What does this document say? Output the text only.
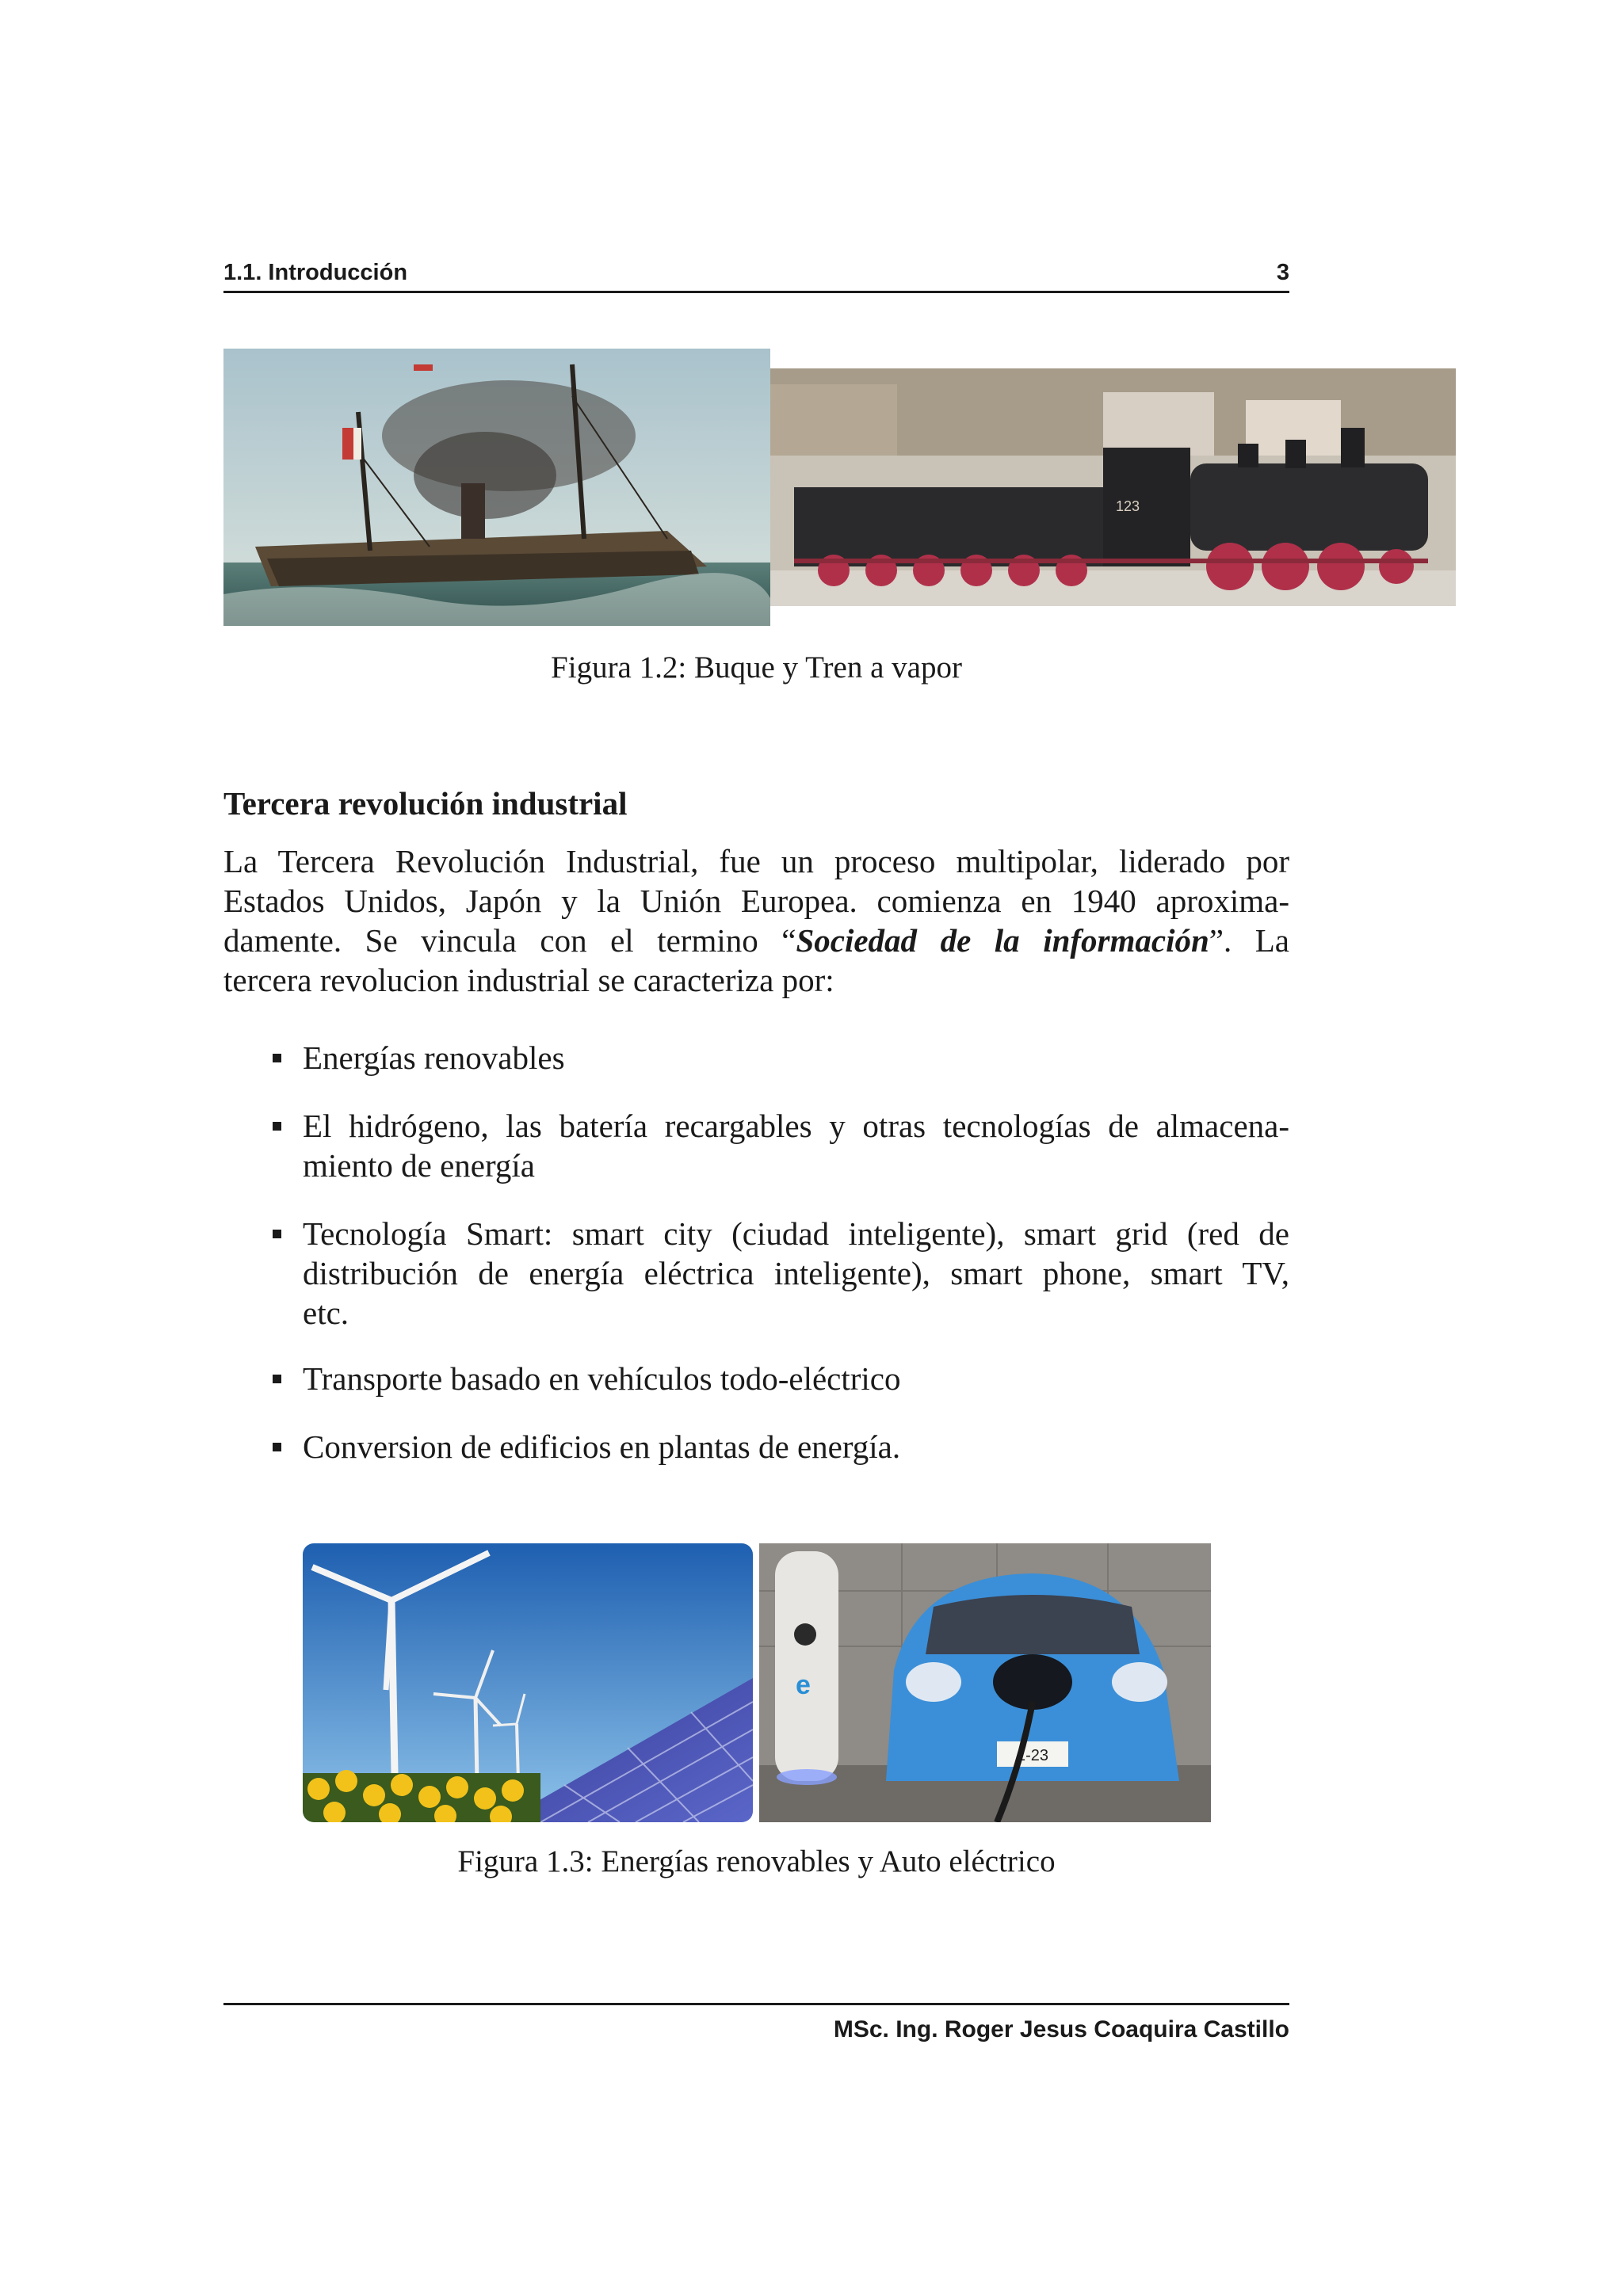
1.1. Introducción	3
123
Figura 1.2: Buque y Tren a vapor
Tercera revolución industrial
La Tercera Revolución Industrial, fue un proceso multipolar, liderado por
Estados Unidos, Japón y la Unión Europea. comienza en 1940 aproxima-
damente. Se vincula con el termino “Sociedad de la información”. La
tercera revolucion industrial se caracteriza por:
Energías renovables
El hidrógeno, las batería recargables y otras tecnologías de almacena-
miento de energía
Tecnología Smart: smart city (ciudad inteligente), smart grid (red de
distribución de energía eléctrica inteligente), smart phone, smart TV,
etc.
Transporte basado en vehículos todo-eléctrico
Conversion de edificios en plantas de energía.
e
1-23
Figura 1.3: Energías renovables y Auto eléctrico
MSc. Ing. Roger Jesus Coaquira Castillo
